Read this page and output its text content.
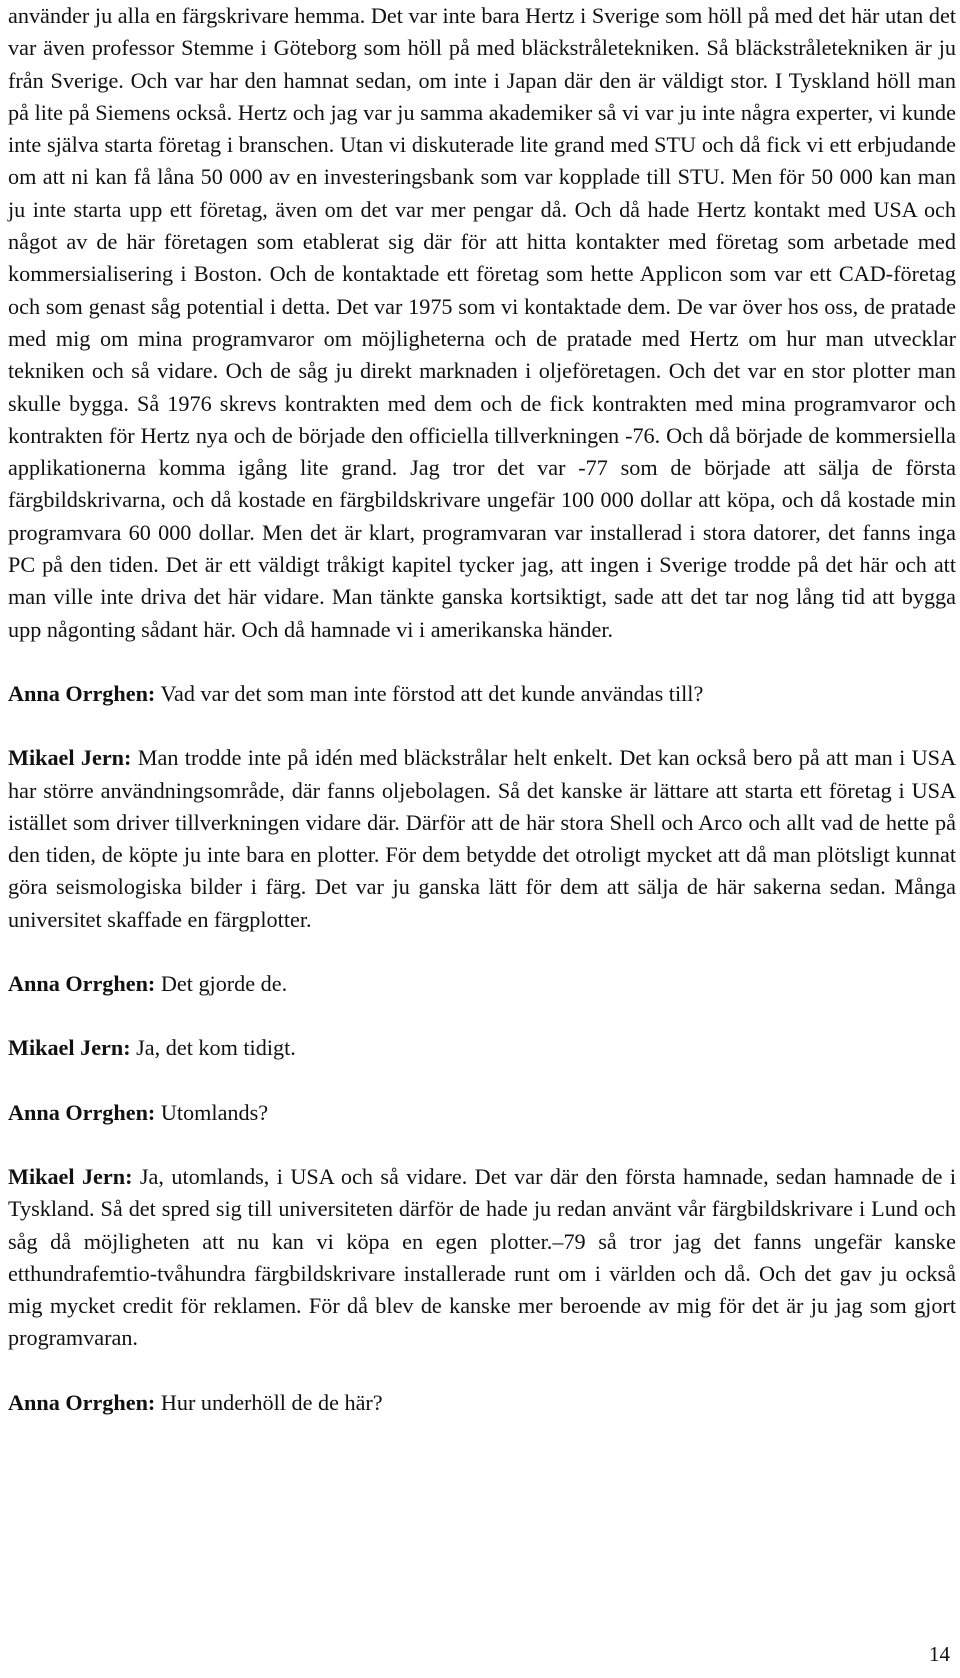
använder ju alla en färgskrivare hemma. Det var inte bara Hertz i Sverige som höll på med det här utan det var även professor Stemme i Göteborg som höll på med bläckstråletekniken. Så bläckstråletekniken är ju från Sverige. Och var har den hamnat sedan, om inte i Japan där den är väldigt stor. I Tyskland höll man på lite på Siemens också. Hertz och jag var ju samma akademiker så vi var ju inte några experter, vi kunde inte själva starta företag i branschen. Utan vi diskuterade lite grand med STU och då fick vi ett erbjudande om att ni kan få låna 50 000 av en investeringsbank som var kopplade till STU. Men för 50 000 kan man ju inte starta upp ett företag, även om det var mer pengar då. Och då hade Hertz kontakt med USA och något av de här företagen som etablerat sig där för att hitta kontakter med företag som arbetade med kommersialisering i Boston. Och de kontaktade ett företag som hette Applicon som var ett CAD-företag och som genast såg potential i detta. Det var 1975 som vi kontaktade dem. De var över hos oss, de pratade med mig om mina programvaror om möjligheterna och de pratade med Hertz om hur man utvecklar tekniken och så vidare. Och de såg ju direkt marknaden i oljeföretagen. Och det var en stor plotter man skulle bygga. Så 1976 skrevs kontrakten med dem och de fick kontrakten med mina programvaror och kontrakten för Hertz nya och de började den officiella tillverkningen -76. Och då började de kommersiella applikationerna komma igång lite grand. Jag tror det var -77 som de började att sälja de första färgbildskrivarna, och då kostade en färgbildskrivare ungefär 100 000 dollar att köpa, och då kostade min programvara 60 000 dollar. Men det är klart, programvaran var installerad i stora datorer, det fanns inga PC på den tiden. Det är ett väldigt tråkigt kapitel tycker jag, att ingen i Sverige trodde på det här och att man ville inte driva det här vidare. Man tänkte ganska kortsiktigt, sade att det tar nog lång tid att bygga upp någonting sådant här. Och då hamnade vi i amerikanska händer.

Anna Orrghen: Vad var det som man inte förstod att det kunde användas till?

Mikael Jern: Man trodde inte på idén med bläckstrålar helt enkelt. Det kan också bero på att man i USA har större användningsområde, där fanns oljebolagen. Så det kanske är lättare att starta ett företag i USA istället som driver tillverkningen vidare där. Därför att de här stora Shell och Arco och allt vad de hette på den tiden, de köpte ju inte bara en plotter. För dem betydde det otroligt mycket att då man plötsligt kunnat göra seismologiska bilder i färg. Det var ju ganska lätt för dem att sälja de här sakerna sedan. Många universitet skaffade en färgplotter.

Anna Orrghen: Det gjorde de.

Mikael Jern: Ja, det kom tidigt.

Anna Orrghen: Utomlands?

Mikael Jern: Ja, utomlands, i USA och så vidare. Det var där den första hamnade, sedan hamnade de i Tyskland. Så det spred sig till universiteten därför de hade ju redan använt vår färgbildskrivare i Lund och såg då möjligheten att nu kan vi köpa en egen plotter.–79 så tror jag det fanns ungefär kanske etthundrafemtio-tvåhundra färgbildskrivare installerade runt om i världen och då. Och det gav ju också mig mycket credit för reklamen. För då blev de kanske mer beroende av mig för det är ju jag som gjort programvaran.

Anna Orrghen: Hur underhöll de de här?

14
